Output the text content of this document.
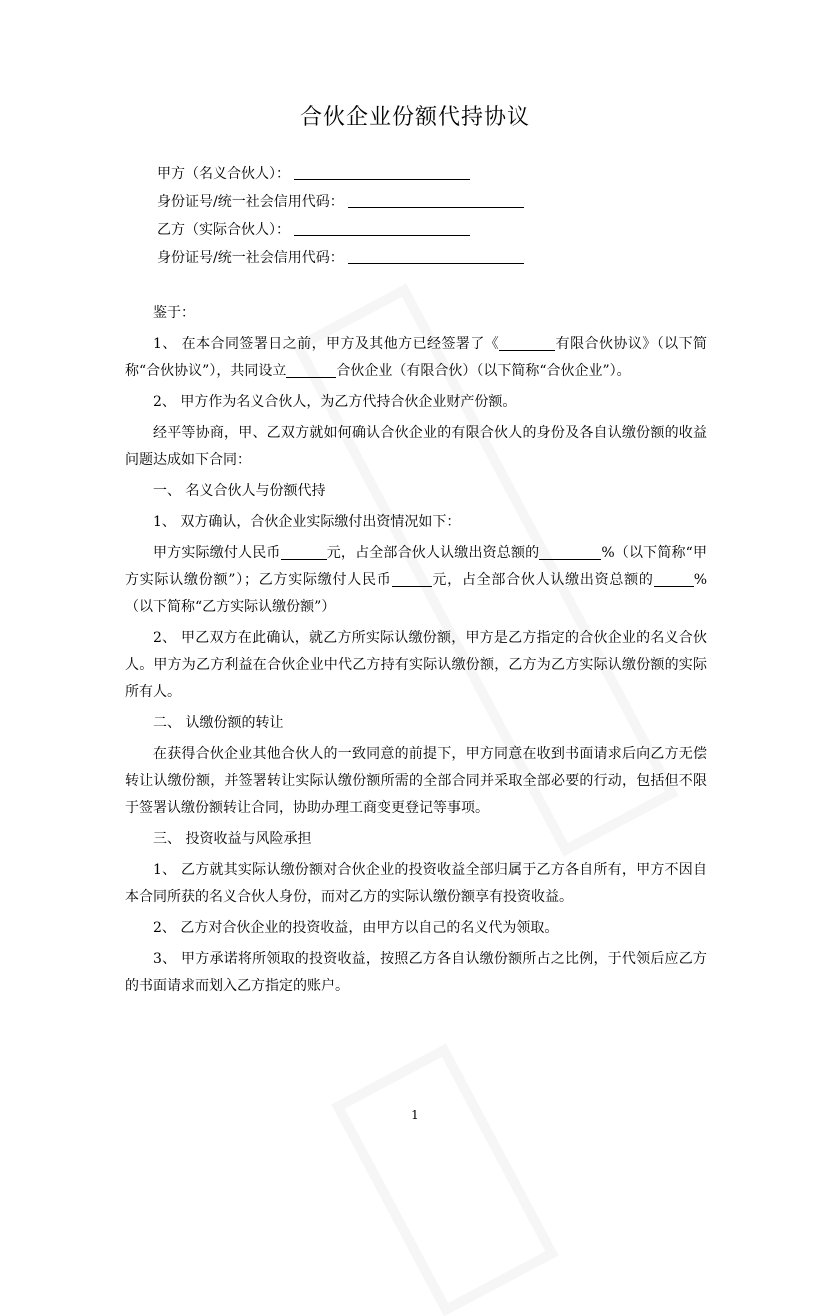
合伙企业份额代持协议
甲方（名义合伙人）：
身份证号/统一社会信用代码：
乙方（实际合伙人）：
身份证号/统一社会信用代码：

鉴于：

1、 在本合同签署日之前，甲方及其他方已经签署了《	有限合伙协议》（以下简称“合伙协议”），共同设立	合伙企业（有限合伙）（以下简称“合伙企业”）。

2、 甲方作为名义合伙人，为乙方代持合伙企业财产份额。

经平等协商，甲、乙双方就如何确认合伙企业的有限合伙人的身份及各自认缴份额的收益问题达成如下合同：

一、 名义合伙人与份额代持

1、 双方确认，合伙企业实际缴付出资情况如下：

甲方实际缴付人民币	元，占全部合伙人认缴出资总额的	%（以下简称“甲方实际认缴份额”）；乙方实际缴付人民币	元，占全部合伙人认缴出资总额的	%（以下简称“乙方实际认缴份额”）

2、 甲乙双方在此确认，就乙方所实际认缴份额，甲方是乙方指定的合伙企业的名义合伙人。甲方为乙方利益在合伙企业中代乙方持有实际认缴份额，乙方为乙方实际认缴份额的实际所有人。

二、 认缴份额的转让

在获得合伙企业其他合伙人的一致同意的前提下，甲方同意在收到书面请求后向乙方无偿转让认缴份额，并签署转让实际认缴份额所需的全部合同并采取全部必要的行动，包括但不限于签署认缴份额转让合同，协助办理工商变更登记等事项。

三、 投资收益与风险承担

1、 乙方就其实际认缴份额对合伙企业的投资收益全部归属于乙方各自所有，甲方不因自本合同所获的名义合伙人身份，而对乙方的实际认缴份额享有投资收益。

2、 乙方对合伙企业的投资收益，由甲方以自己的名义代为领取。

3、 甲方承诺将所领取的投资收益，按照乙方各自认缴份额所占之比例，于代领后应乙方的书面请求而划入乙方指定的账户。

1
